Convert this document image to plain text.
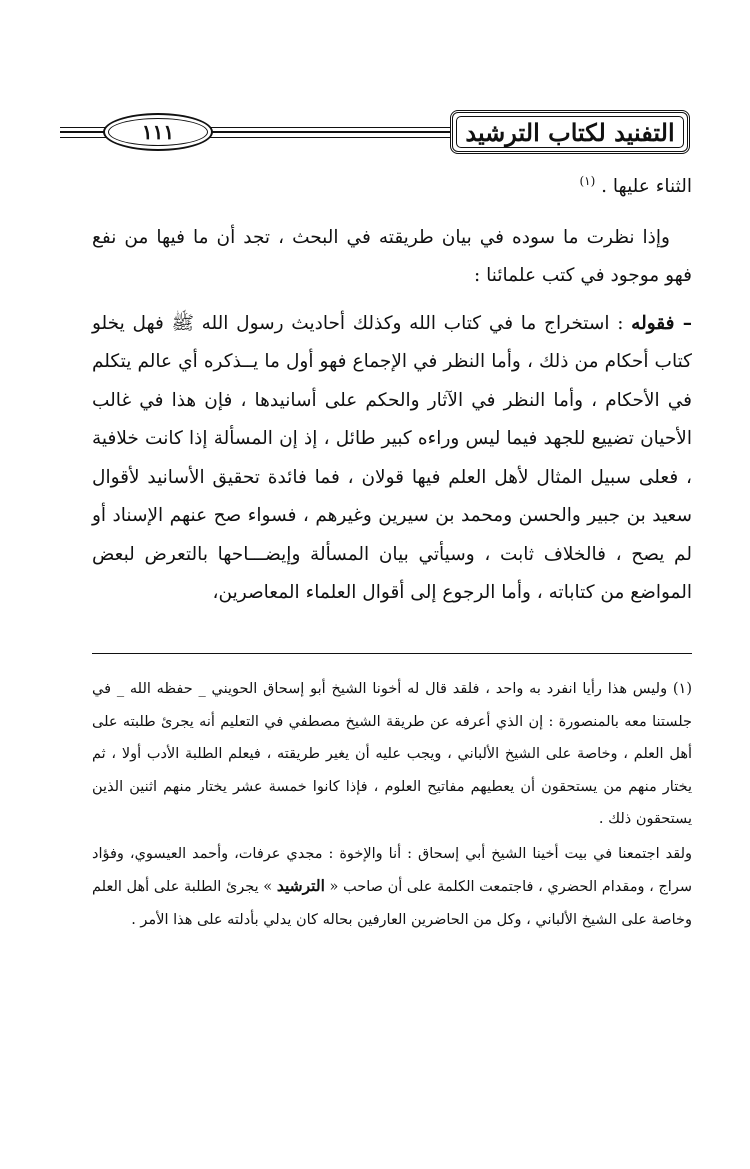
١١١	التفنيد لكتاب الترشيد

الثناء عليها . $^{(١)}$

وإذا نظرت ما سوده في بيان طريقته في البحث ، تجد أن ما فيها من نفع فهو موجود في كتب علمائنا :

– فقوله : استخراج ما في كتاب الله وكذلك أحاديث رسول الله ﷺ فهل يخلو كتاب أحكام من ذلك ، وأما النظر في الإجماع فهو أول ما يــذكره أي عالم يتكلم في الأحكام ، وأما النظر في الآثار والحكم على أسانيدها ، فإن هذا في غالب الأحيان تضييع للجهد فيما ليس وراءه كبير طائل ، إذ إن المسألة إذا كانت خلافية ، فعلى سبيل المثال لأهل العلم فيها قولان ، فما فائدة تحقيق الأسانيد لأقوال سعيد بن جبير والحسن ومحمد بن سيرين وغيرهم ، فسواء صح عنهم الإسناد أو لم يصح ، فالخلاف ثابت ، وسيأتي بيان المسألة وإيضـــاحها بالتعرض لبعض المواضع من كتاباته ، وأما الرجوع إلى أقوال العلماء المعاصرين،

(١) وليس هذا رأيا انفرد به واحد ، فلقد قال له أخونا الشيخ أبو إسحاق الحويني _ حفظه الله _ في جلستنا معه بالمنصورة : إن الذي أعرفه عن طريقة الشيخ مصطفي في التعليم أنه يجرئ طلبته على أهل العلم ، وخاصة على الشيخ الألباني ، ويجب عليه أن يغير طريقته ، فيعلم الطلبة الأدب أولا ، ثم يختار منهم من يستحقون أن يعطيهم مفاتيح العلوم ، فإذا كانوا خمسة عشر يختار منهم اثنين الذين يستحقون ذلك .

ولقد اجتمعنا في بيت أخينا الشيخ أبي إسحاق : أنا والإخوة : مجدي عرفات، وأحمد العيسوي، وفؤاد سراج ، ومقدام الحضري ، فاجتمعت الكلمة على أن صاحب « الترشيد » يجرئ الطلبة على أهل العلم وخاصة على الشيخ الألباني ، وكل من الحاضرين العارفين بحاله كان يدلي بأدلته على هذا الأمر .
